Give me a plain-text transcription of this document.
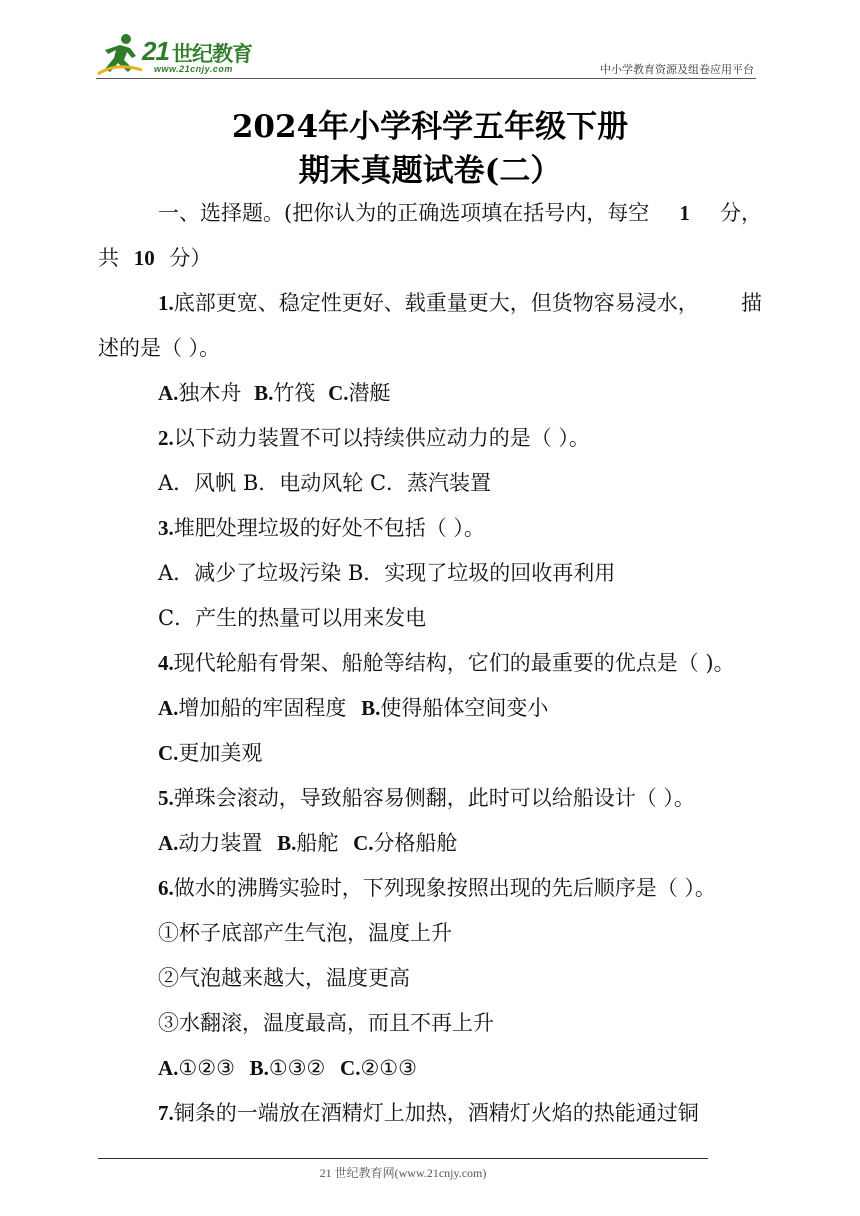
21 世纪教育
www.21cnjy.com	中小学教育资源及组卷应用平台
2024年小学科学五年级下册
期末真题试卷(二）
一、选择题。(把你认为的正确选项填在括号内，每空 1 分，
共 10 分）
1.底部更宽、稳定性更好、载重量更大，但货物容易浸水， 描
述的是（ ）。
A.独木舟 B.竹筏 C.潜艇
2.以下动力装置不可以持续供应动力的是（ ）。
A．风帆 B．电动风轮 C．蒸汽装置
3.堆肥处理垃圾的好处不包括（ ）。
A．减少了垃圾污染 B．实现了垃圾的回收再利用
C．产生的热量可以用来发电
4.现代轮船有骨架、船舱等结构，它们的最重要的优点是（ )。
A.增加船的牢固程度 B.使得船体空间变小
C.更加美观
5.弹珠会滚动，导致船容易侧翻，此时可以给船设计（ ）。
A.动力装置 B.船舵 C.分格船舱
6.做水的沸腾实验时，下列现象按照出现的先后顺序是（ ）。
①杯子底部产生气泡，温度上升
②气泡越来越大，温度更高
③水翻滚，温度最高，而且不再上升
A.①②③ B.①③② C.②①③
7.铜条的一端放在酒精灯上加热，酒精灯火焰的热能通过铜
21 世纪教育网(www.21cnjy.com)
